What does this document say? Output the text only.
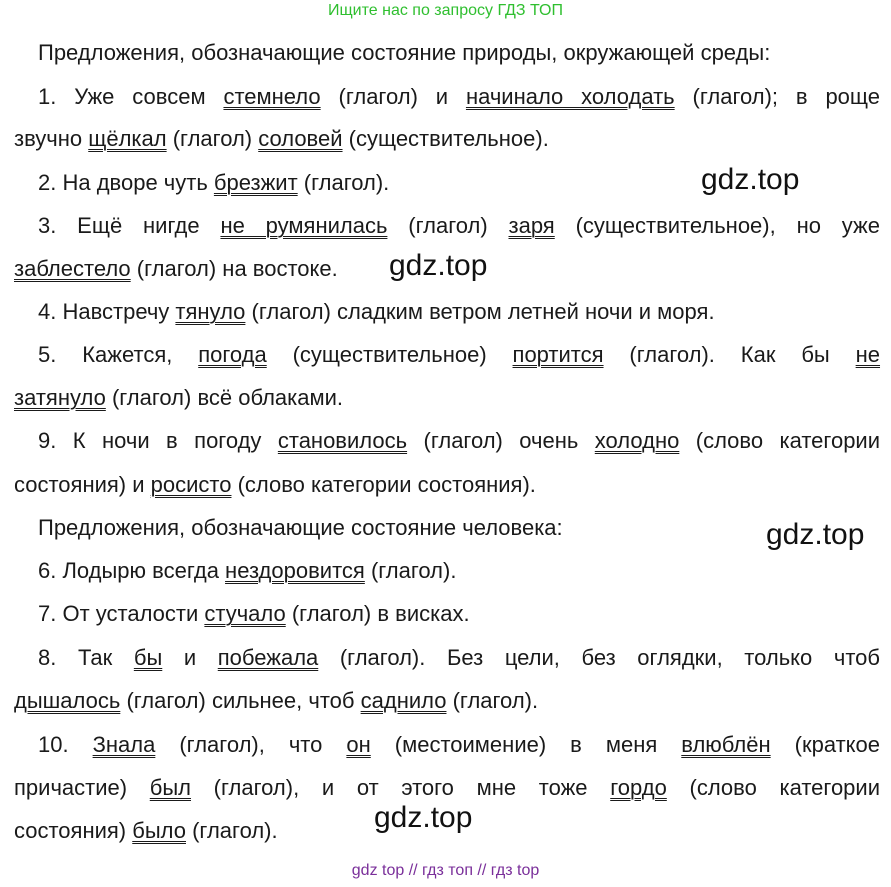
Ищите нас по запросу ГДЗ ТОП
Предложения, обозначающие состояние природы, окружающей среды:
1. Уже совсем стемнело (глагол) и начинало холодать (глагол); в роще
звучно щёлкал (глагол) соловей (существительное).
2. На дворе чуть брезжит (глагол).
3. Ещё нигде не румянилась (глагол) заря (существительное), но уже
заблестело (глагол) на востоке.
4. Навстречу тянуло (глагол) сладким ветром летней ночи и моря.
5. Кажется, погода (существительное) портится (глагол). Как бы не
затянуло (глагол) всё облаками.
9. К ночи в погоду становилось (глагол) очень холодно (слово категории
состояния) и росисто (слово категории состояния).
Предложения, обозначающие состояние человека:
6. Лодырю всегда нездоровится (глагол).
7. От усталости стучало (глагол) в висках.
8. Так бы и побежала (глагол). Без цели, без оглядки, только чтоб
дышалось (глагол) сильнее, чтоб саднило (глагол).
10. Знала (глагол), что он (местоимение) в меня влюблён (краткое
причастие) был (глагол), и от этого мне тоже гордо (слово категории
состояния) было (глагол).
gdz.top
gdz.top
gdz.top
gdz.top
gdz top // гдз топ // гдз top
